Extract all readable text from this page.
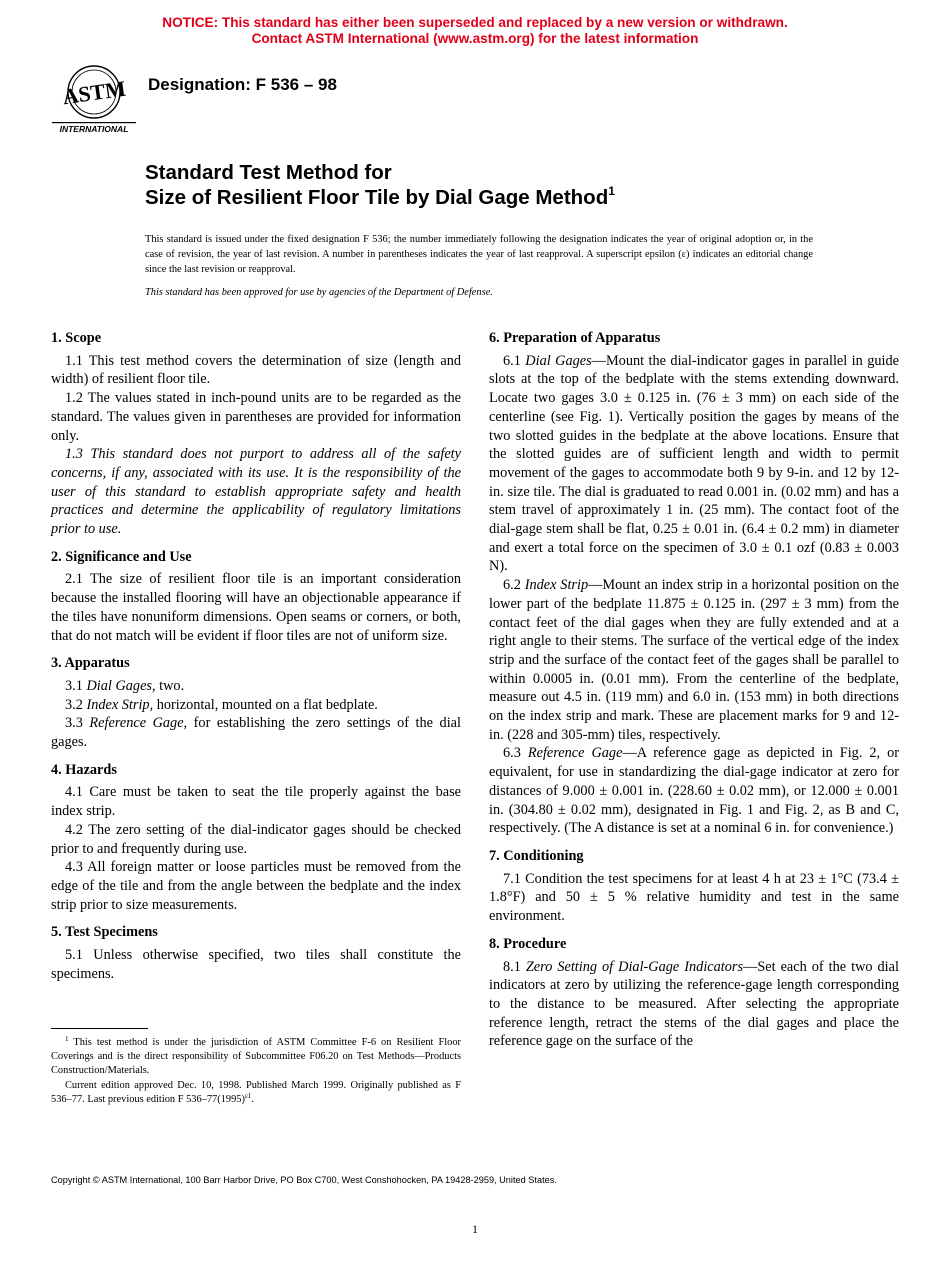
NOTICE: This standard has either been superseded and replaced by a new version or withdrawn.
Contact ASTM International (www.astm.org) for the latest information
ASTM
INTERNATIONAL
Designation: F 536 – 98
Standard Test Method for
Size of Resilient Floor Tile by Dial Gage Method$^1$
This standard is issued under the fixed designation F 536; the number immediately following the designation indicates the year of original adoption or, in the case of revision, the year of last revision. A number in parentheses indicates the year of last reapproval. A superscript epsilon (ε) indicates an editorial change since the last revision or reapproval.
This standard has been approved for use by agencies of the Department of Defense.
1. Scope

1.1 This test method covers the determination of size (length and width) of resilient floor tile.

1.2 The values stated in inch-pound units are to be regarded as the standard. The values given in parentheses are provided for information only.

1.3 This standard does not purport to address all of the safety concerns, if any, associated with its use. It is the responsibility of the user of this standard to establish appropriate safety and health practices and determine the applicability of regulatory limitations prior to use.

2. Significance and Use

2.1 The size of resilient floor tile is an important consideration because the installed flooring will have an objectionable appearance if the tiles have nonuniform dimensions. Open seams or corners, or both, that do not match will be evident if floor tiles are not of uniform size.

3. Apparatus

3.1 Dial Gages, two.

3.2 Index Strip, horizontal, mounted on a flat bedplate.

3.3 Reference Gage, for establishing the zero settings of the dial gages.

4. Hazards

4.1 Care must be taken to seat the tile properly against the base index strip.

4.2 The zero setting of the dial-indicator gages should be checked prior to and frequently during use.

4.3 All foreign matter or loose particles must be removed from the edge of the tile and from the angle between the bedplate and the index strip prior to size measurements.

5. Test Specimens

5.1 Unless otherwise specified, two tiles shall constitute the specimens.

6. Preparation of Apparatus

6.1 Dial Gages—Mount the dial-indicator gages in parallel in guide slots at the top of the bedplate with the stems extending downward. Locate two gages 3.0 ± 0.125 in. (76 ± 3 mm) on each side of the centerline (see Fig. 1). Vertically position the gages by means of the two slotted guides in the bedplate at the above locations. Ensure that the slotted guides are of sufficient length and width to permit movement of the gages to accommodate both 9 by 9-in. and 12 by 12-in. size tile. The dial is graduated to read 0.001 in. (0.02 mm) and has a stem travel of approximately 1 in. (25 mm). The contact foot of the dial-gage stem shall be flat, 0.25 ± 0.01 in. (6.4 ± 0.2 mm) in diameter and exert a total force on the specimen of 3.0 ± 0.1 ozf (0.83 ± 0.003 N).

6.2 Index Strip—Mount an index strip in a horizontal position on the lower part of the bedplate 11.875 ± 0.125 in. (297 ± 3 mm) from the contact feet of the dial gages when they are fully extended and at a right angle to their stems. The surface of the vertical edge of the index strip and the surface of the contact feet of the gages shall be parallel to within 0.0005 in. (0.01 mm). From the centerline of the bedplate, measure out 4.5 in. (119 mm) and 6.0 in. (153 mm) in both directions on the index strip and mark. These are placement marks for 9 and 12-in. (228 and 305-mm) tiles, respectively.

6.3 Reference Gage—A reference gage as depicted in Fig. 2, or equivalent, for use in standardizing the dial-gage indicator at zero for distances of 9.000 ± 0.001 in. (228.60 ± 0.02 mm), or 12.000 ± 0.001 in. (304.80 ± 0.02 mm), designated in Fig. 1 and Fig. 2, as B and C, respectively. (The A distance is set at a nominal 6 in. for convenience.)

7. Conditioning

7.1 Condition the test specimens for at least 4 h at 23 ± 1°C (73.4 ± 1.8°F) and 50 ± 5 % relative humidity and test in the same environment.

8. Procedure

8.1 Zero Setting of Dial-Gage Indicators—Set each of the two dial indicators at zero by utilizing the reference-gage length corresponding to the distance to be measured. After selecting the appropriate reference length, retract the stems of the dial gages and place the reference gage on the surface of the

$^1$ This test method is under the jurisdiction of ASTM Committee F-6 on Resilient Floor Coverings and is the direct responsibility of Subcommittee F06.20 on Test Methods—Products Construction/Materials.

Current edition approved Dec. 10, 1998. Published March 1999. Originally published as F 536–77. Last previous edition F $536-77(1995)^{\varepsilon 1}$.

Copyright © ASTM International, 100 Barr Harbor Drive, PO Box C700, West Conshohocken, PA 19428-2959, United States.
1
